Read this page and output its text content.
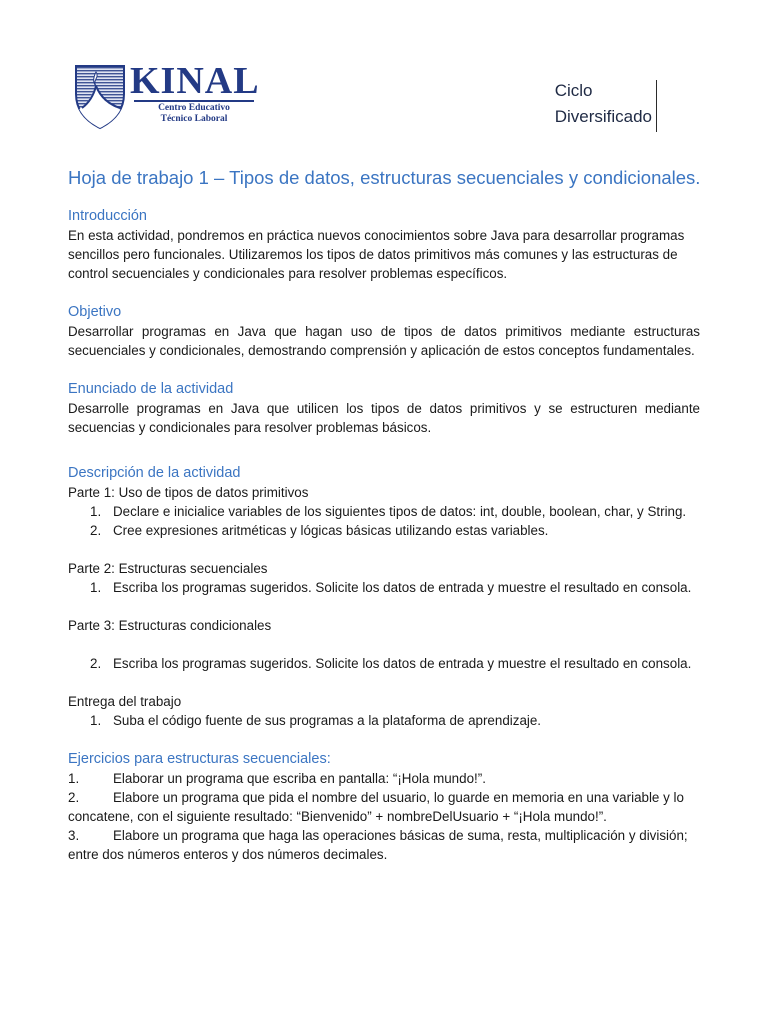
KINAL
Centro Educativo
Técnico Laboral
Ciclo
Diversificado
Hoja de trabajo 1 – Tipos de datos, estructuras secuenciales y condicionales.
Introducción

En esta actividad, pondremos en práctica nuevos conocimientos sobre Java para desarrollar programas sencillos pero funcionales. Utilizaremos los tipos de datos primitivos más comunes y las estructuras de control secuenciales y condicionales para resolver problemas específicos.

Objetivo

Desarrollar programas en Java que hagan uso de tipos de datos primitivos mediante estructuras secuenciales y condicionales, demostrando comprensión y aplicación de estos conceptos fundamentales.

Enunciado de la actividad

Desarrolle programas en Java que utilicen los tipos de datos primitivos y se estructuren mediante secuencias y condicionales para resolver problemas básicos.

Descripción de la actividad

Parte 1: Uso de tipos de datos primitivos

1. Declare e inicialice variables de los siguientes tipos de datos: int, double, boolean, char, y String.
2. Cree expresiones aritméticas y lógicas básicas utilizando estas variables.

Parte 2: Estructuras secuenciales

1. Escriba los programas sugeridos. Solicite los datos de entrada y muestre el resultado en consola.

Parte 3: Estructuras condicionales

2. Escriba los programas sugeridos. Solicite los datos de entrada y muestre el resultado en consola.

Entrega del trabajo

1. Suba el código fuente de sus programas a la plataforma de aprendizaje.
Ejercicios para estructuras secuenciales:

1.	Elaborar un programa que escriba en pantalla: “¡Hola mundo!”.

2.	Elabore un programa que pida el nombre del usuario, lo guarde en memoria en una variable y lo concatene, con el siguiente resultado: “Bienvenido” + nombreDelUsuario + “¡Hola mundo!”.

3.	Elabore un programa que haga las operaciones básicas de suma, resta, multiplicación y división; entre dos números enteros y dos números decimales.
